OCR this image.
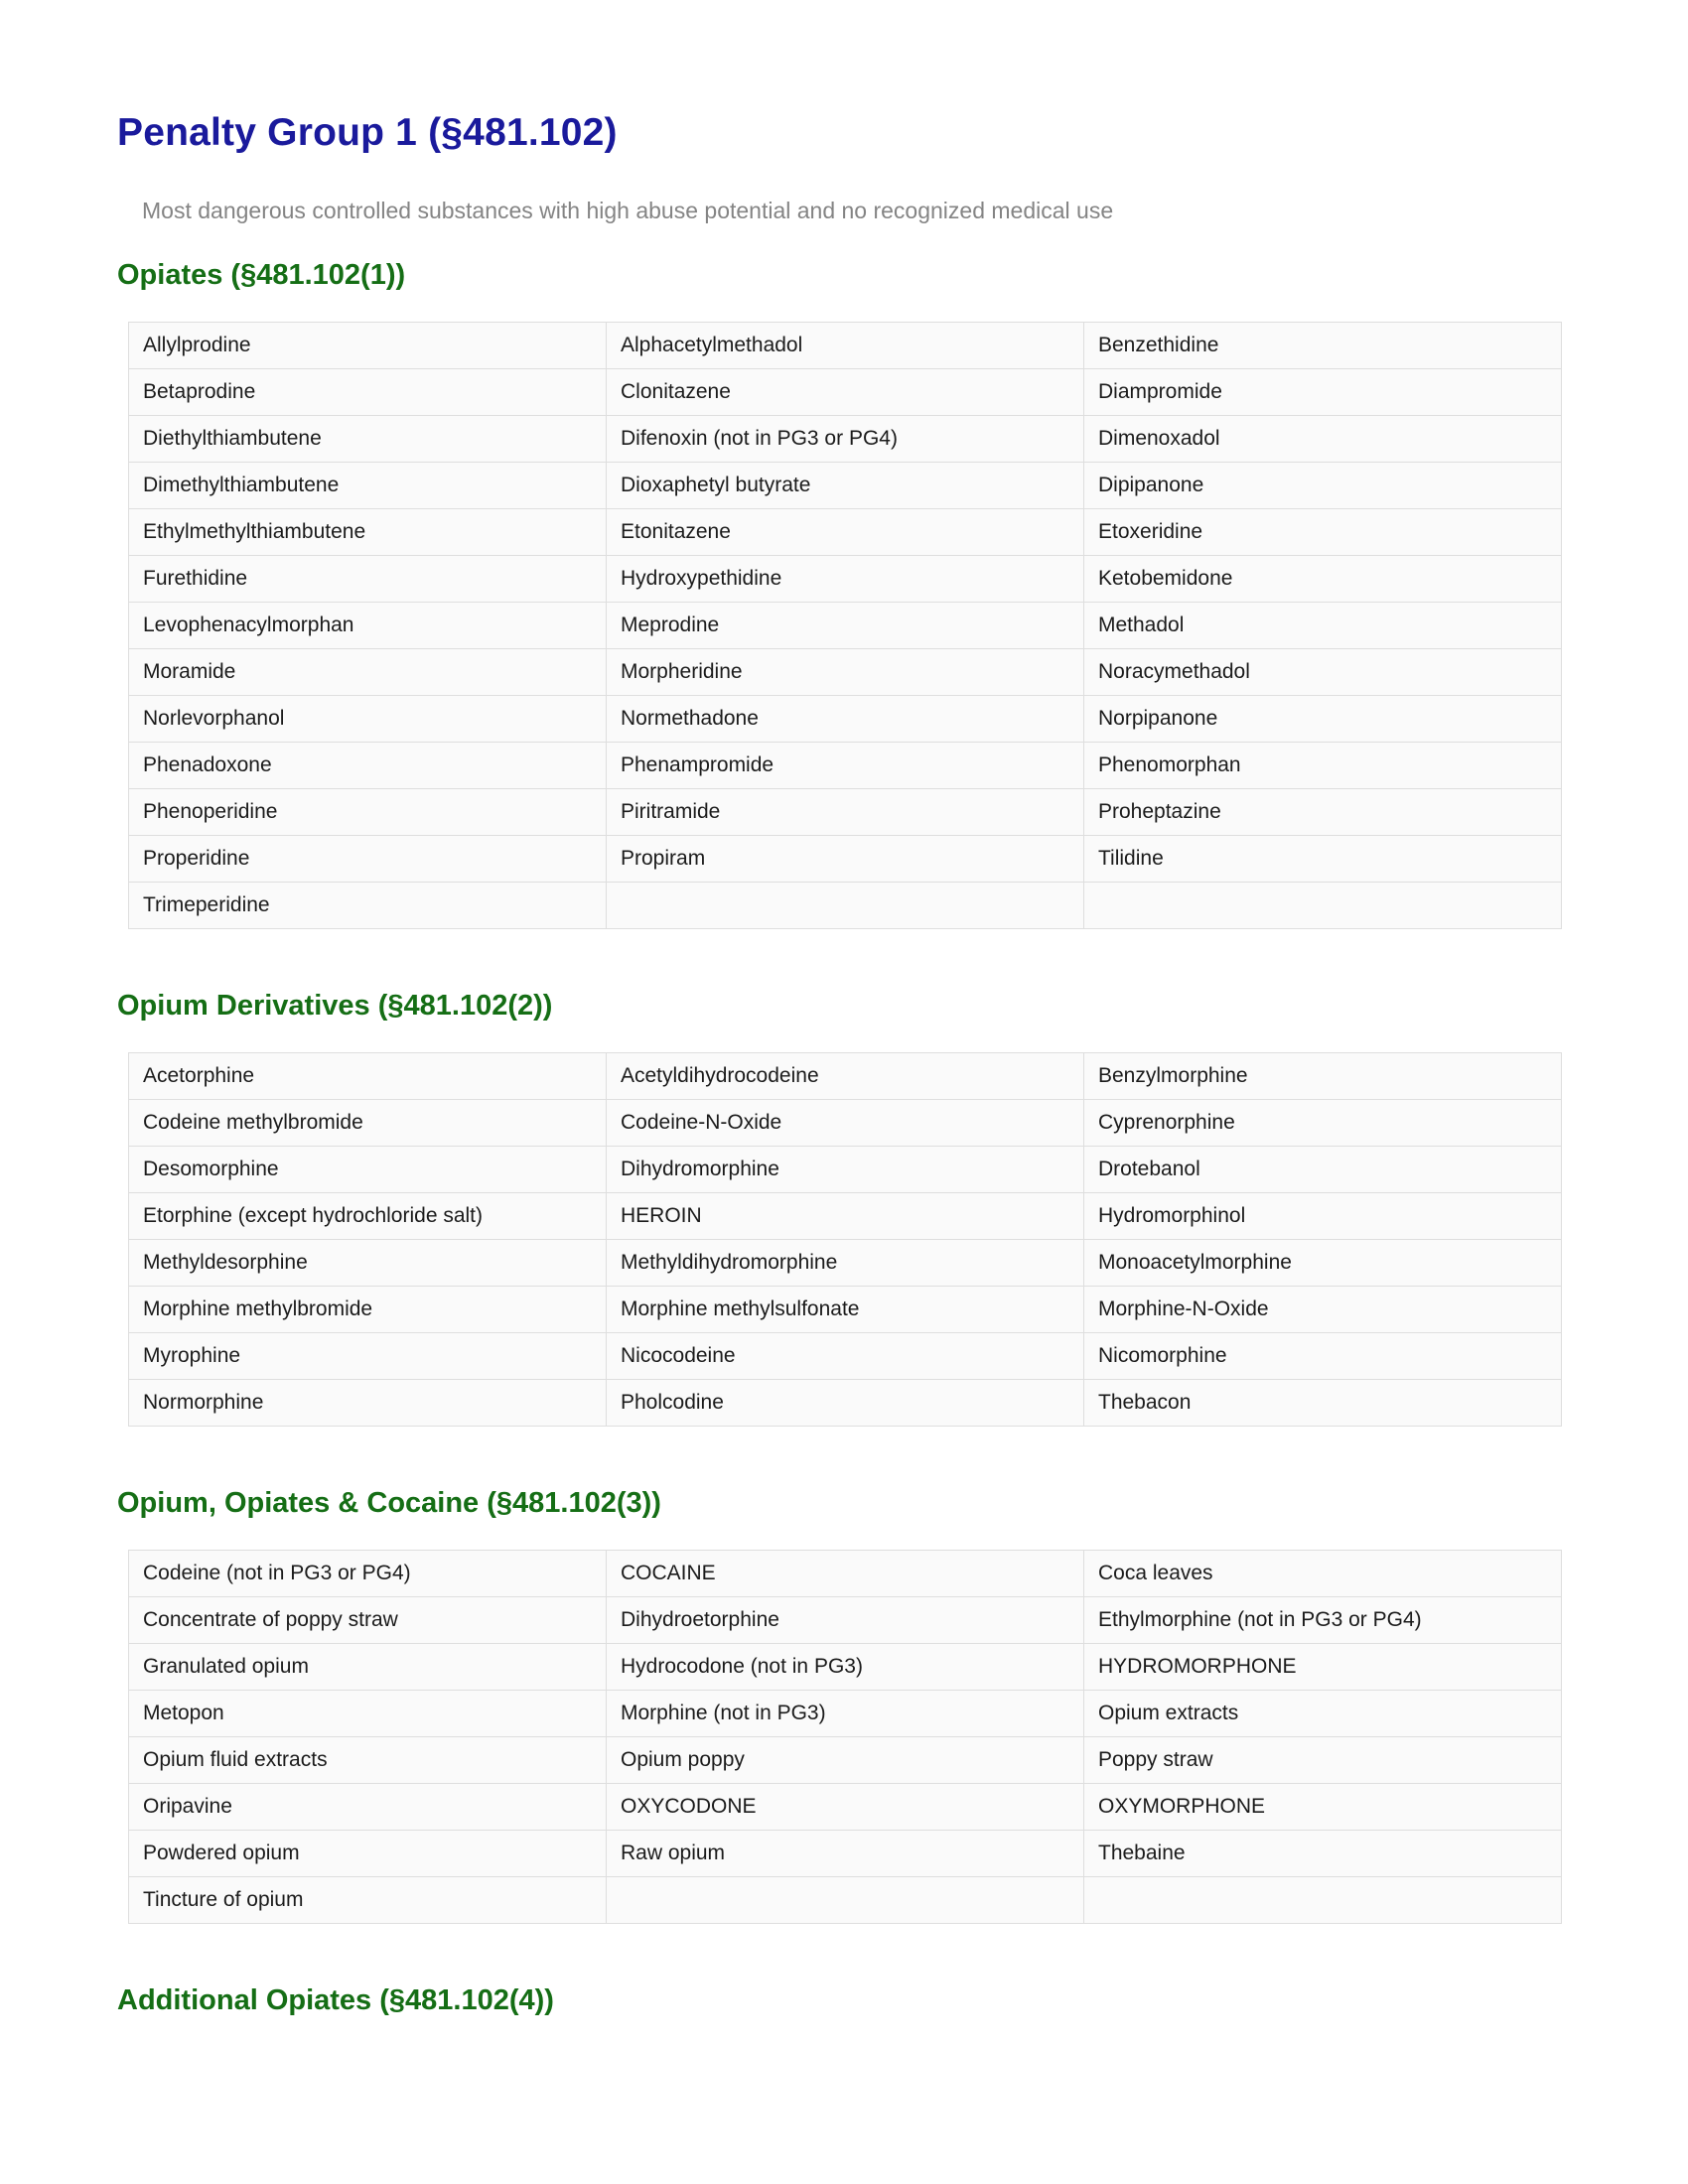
Penalty Group 1 (§481.102)

Most dangerous controlled substances with high abuse potential and no recognized medical use

Opiates (§481.102(1))
Allylprodine	Alphacetylmethadol	Benzethidine
Betaprodine	Clonitazene	Diampromide
Diethylthiambutene	Difenoxin (not in PG3 or PG4)	Dimenoxadol
Dimethylthiambutene	Dioxaphetyl butyrate	Dipipanone
Ethylmethylthiambutene	Etonitazene	Etoxeridine
Furethidine	Hydroxypethidine	Ketobemidone
Levophenacylmorphan	Meprodine	Methadol
Moramide	Morpheridine	Noracymethadol
Norlevorphanol	Normethadone	Norpipanone
Phenadoxone	Phenampromide	Phenomorphan
Phenoperidine	Piritramide	Proheptazine
Properidine	Propiram	Tilidine
Trimeperidine		
Opium Derivatives (§481.102(2))
Acetorphine	Acetyldihydrocodeine	Benzylmorphine
Codeine methylbromide	Codeine-N-Oxide	Cyprenorphine
Desomorphine	Dihydromorphine	Drotebanol
Etorphine (except hydrochloride salt)	HEROIN	Hydromorphinol
Methyldesorphine	Methyldihydromorphine	Monoacetylmorphine
Morphine methylbromide	Morphine methylsulfonate	Morphine-N-Oxide
Myrophine	Nicocodeine	Nicomorphine
Normorphine	Pholcodine	Thebacon
Opium, Opiates & Cocaine (§481.102(3))
Codeine (not in PG3 or PG4)	COCAINE	Coca leaves
Concentrate of poppy straw	Dihydroetorphine	Ethylmorphine (not in PG3 or PG4)
Granulated opium	Hydrocodone (not in PG3)	HYDROMORPHONE
Metopon	Morphine (not in PG3)	Opium extracts
Opium fluid extracts	Opium poppy	Poppy straw
Oripavine	OXYCODONE	OXYMORPHONE
Powdered opium	Raw opium	Thebaine
Tincture of opium		
Additional Opiates (§481.102(4))
